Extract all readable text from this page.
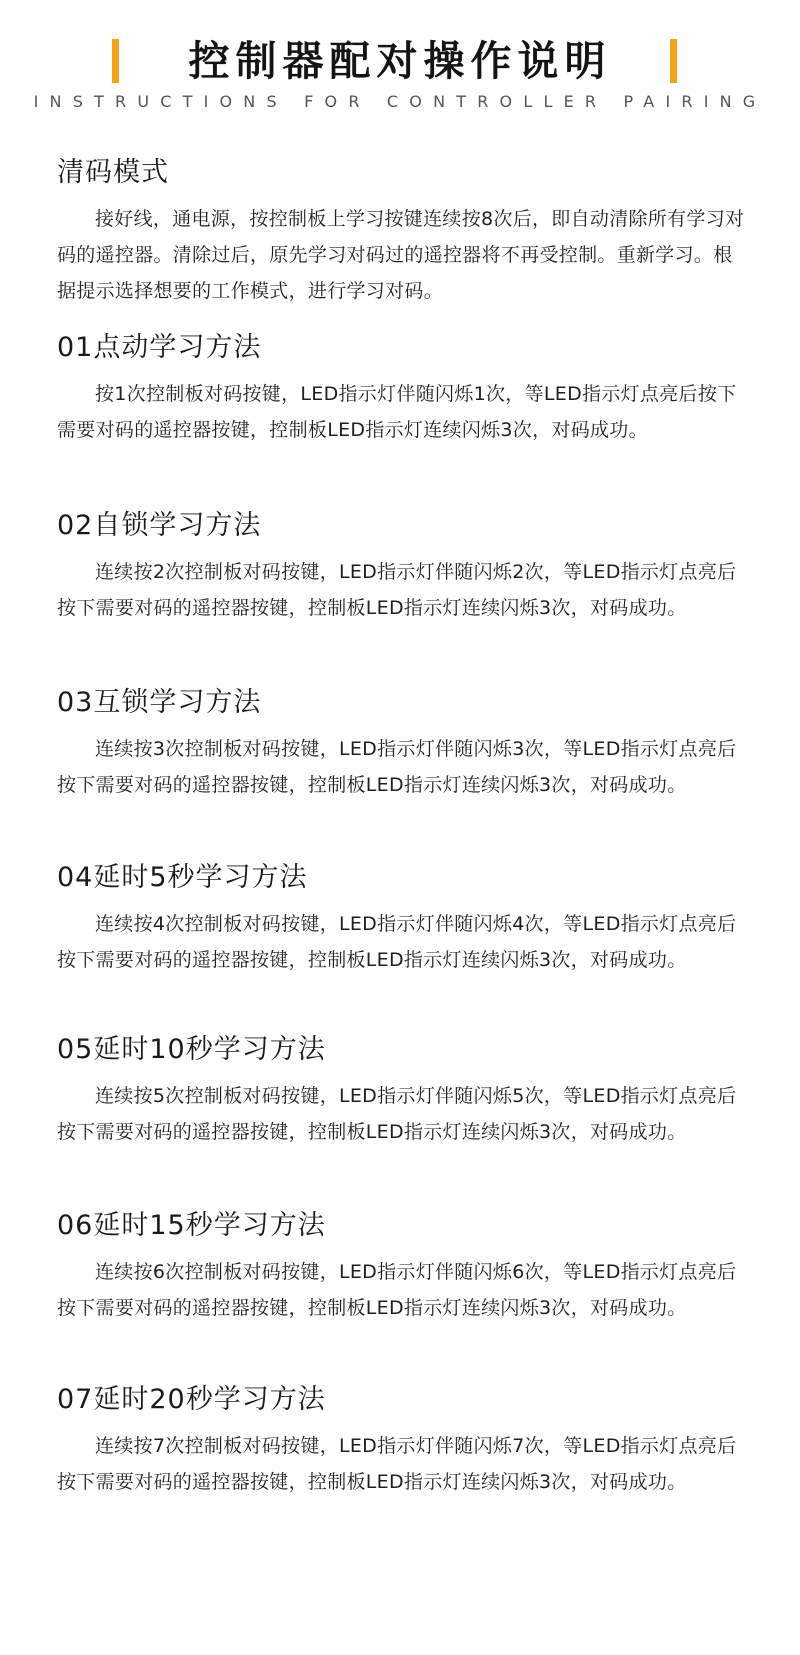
控制器配对操作说明
INSTRUCTIONS FOR CONTROLLER PAIRING
清码模式

接好线，通电源，按控制板上学习按键连续按8次后，即自动清除所有学习对码的遥控器。清除过后，原先学习对码过的遥控器将不再受控制。重新学习。根据提示选择想要的工作模式，进行学习对码。

01点动学习方法

按1次控制板对码按键，LED指示灯伴随闪烁1次，等LED指示灯点亮后按下需要对码的遥控器按键，控制板LED指示灯连续闪烁3次，对码成功。

02自锁学习方法

连续按2次控制板对码按键，LED指示灯伴随闪烁2次，等LED指示灯点亮后按下需要对码的遥控器按键，控制板LED指示灯连续闪烁3次，对码成功。

03互锁学习方法

连续按3次控制板对码按键，LED指示灯伴随闪烁3次，等LED指示灯点亮后按下需要对码的遥控器按键，控制板LED指示灯连续闪烁3次，对码成功。

04延时5秒学习方法

连续按4次控制板对码按键，LED指示灯伴随闪烁4次，等LED指示灯点亮后按下需要对码的遥控器按键，控制板LED指示灯连续闪烁3次，对码成功。

05延时10秒学习方法

连续按5次控制板对码按键，LED指示灯伴随闪烁5次，等LED指示灯点亮后按下需要对码的遥控器按键，控制板LED指示灯连续闪烁3次，对码成功。

06延时15秒学习方法

连续按6次控制板对码按键，LED指示灯伴随闪烁6次，等LED指示灯点亮后按下需要对码的遥控器按键，控制板LED指示灯连续闪烁3次，对码成功。

07延时20秒学习方法

连续按7次控制板对码按键，LED指示灯伴随闪烁7次，等LED指示灯点亮后按下需要对码的遥控器按键，控制板LED指示灯连续闪烁3次，对码成功。
